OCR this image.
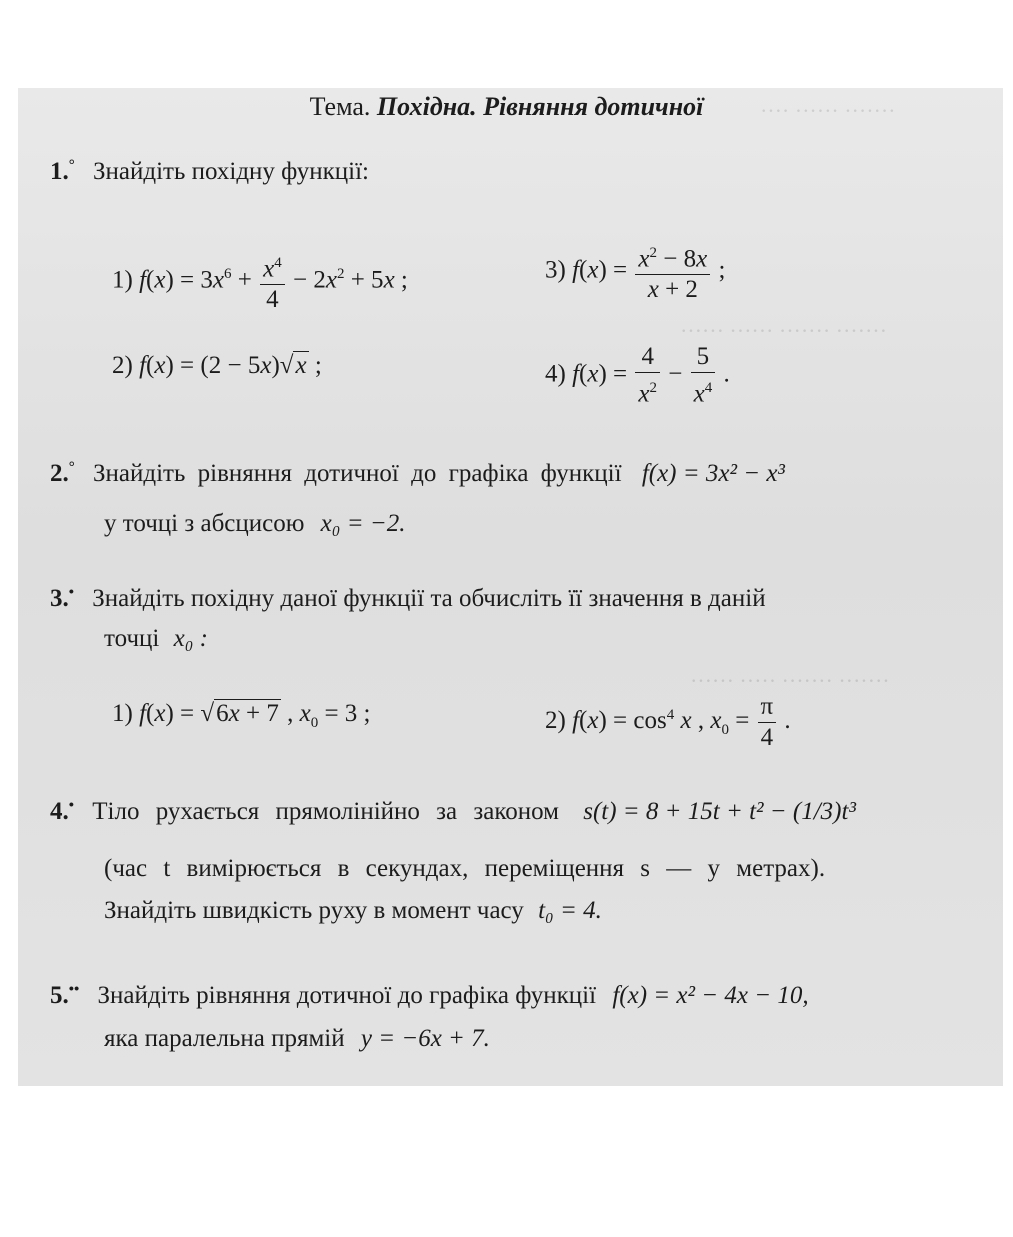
Тема. Похідна. Рівняння дотичної
1.° Знайдіть похідну функції:
1) $f(x) = 3x^6 + \frac{x^4}{4} - 2x^2 + 5x$ ;	3) $f(x) = \frac{x^2 - 8x}{x + 2}$ ;
2) f(x) = (2 − 5x)√x ;	4) $f(x) = \frac{4}{x^2} - \frac{5}{x^4}$ .
2.° Знайдіть рівняння дотичної до графіка функції f(x) = 3x² − x³
у точці з абсцисою x₀ = −2.
3.• Знайдіть похідну даної функції та обчисліть її значення в даній
точці x₀ :
1) f(x) = √6x + 7 , $x_0 = 3$ ;	2) $f(x) = \cos^4 x$ , $x_0 = \frac{\pi}{4}$ .
4.• Тіло рухається прямолінійно за законом s(t) = 8 + 15t + t² − (1/3)t³
(час t вимірюється в секундах, переміщення s — у метрах).
Знайдіть швидкість руху в момент часу t₀ = 4.
5.•• Знайдіть рівняння дотичної до графіка функції f(x) = x² − 4x − 10,
яка паралельна прямій y = −6x + 7.
